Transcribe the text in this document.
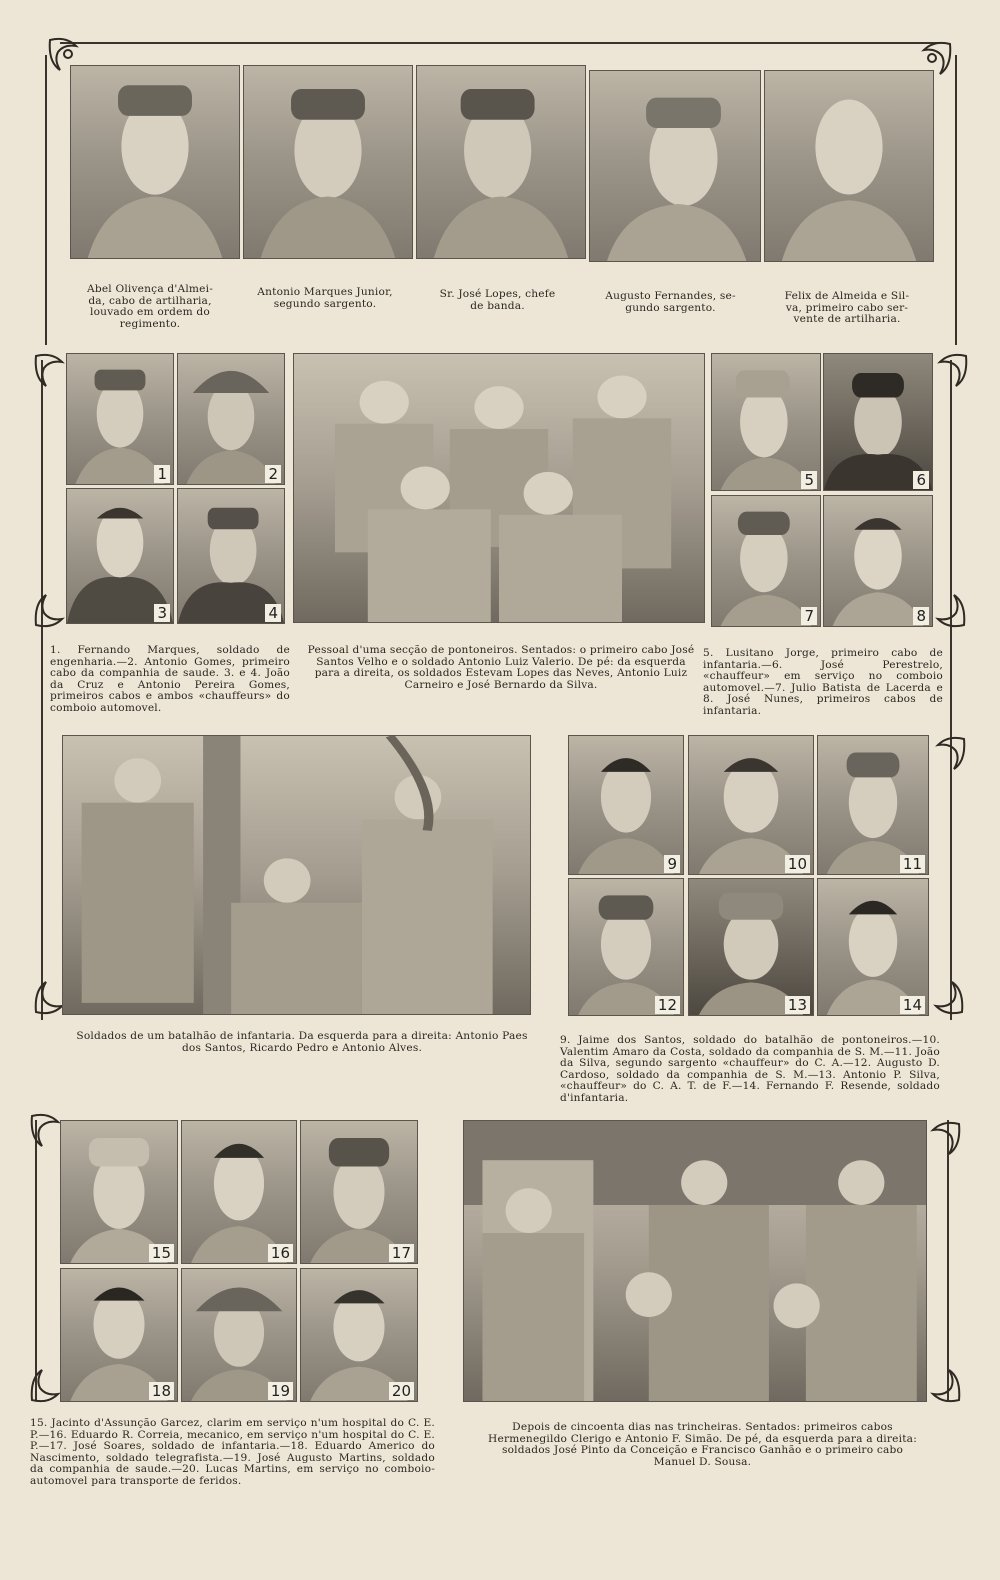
Abel Olivença d'Almei-
da, cabo de artilharia,
louvado em ordem do
regimento.
Antonio Marques Junior,
segundo sargento.
Sr. José Lopes, chefe
de banda.
Augusto Fernandes, se-
gundo sargento.
Felix de Almeida e Sil-
va, primeiro cabo ser-
vente de artilharia.
1	2
3	4
5	6
7	8
1. Fernando Marques, soldado de engenharia.—2. Antonio Gomes, primeiro cabo da companhia de saude. 3. e 4. João da Cruz e Antonio Pereira Gomes, primeiros cabos e ambos «chauffeurs» do comboio automovel.
Pessoal d'uma secção de pontoneiros. Sentados: o primeiro cabo José Santos Velho e o soldado Antonio Luiz Valerio. De pé: da esquerda para a direita, os soldados Estevam Lopes das Neves, Antonio Luiz Carneiro e José Bernardo da Silva.
5. Lusitano Jorge, primeiro cabo de infantaria.—6. José Perestrelo, «chauffeur» em serviço no comboio automovel.—7. Julio Batista de Lacerda e 8. José Nunes, primeiros cabos de infantaria.
9	10	11
12	13	14
Soldados de um batalhão de infantaria. Da esquerda para a direita: Antonio Paes dos Santos, Ricardo Pedro e Antonio Alves.
9. Jaime dos Santos, soldado do batalhão de pontoneiros.—10. Valentim Amaro da Costa, soldado da companhia de S. M.—11. João da Silva, segundo sargento «chauffeur» do C. A.—12. Augusto D. Cardoso, soldado da companhia de S. M.—13. Antonio P. Silva, «chauffeur» do C. A. T. de F.—14. Fernando F. Resende, soldado d'infantaria.
15	16	17
18	19	20
15. Jacinto d'Assunção Garcez, clarim em serviço n'um hospital do C. E. P.—16. Eduardo R. Correia, mecanico, em serviço n'um hospital do C. E. P.—17. José Soares, soldado de infantaria.—18. Eduardo Americo do Nascimento, soldado telegrafista.—19. José Augusto Martins, soldado da companhia de saude.—20. Lucas Martins, em serviço no comboio-automovel para transporte de feridos.
Depois de cincoenta dias nas trincheiras. Sentados: primeiros cabos Hermenegildo Clerigo e Antonio F. Simão. De pé, da esquerda para a direita: soldados José Pinto da Conceição e Francisco Ganhão e o primeiro cabo Manuel D. Sousa.
